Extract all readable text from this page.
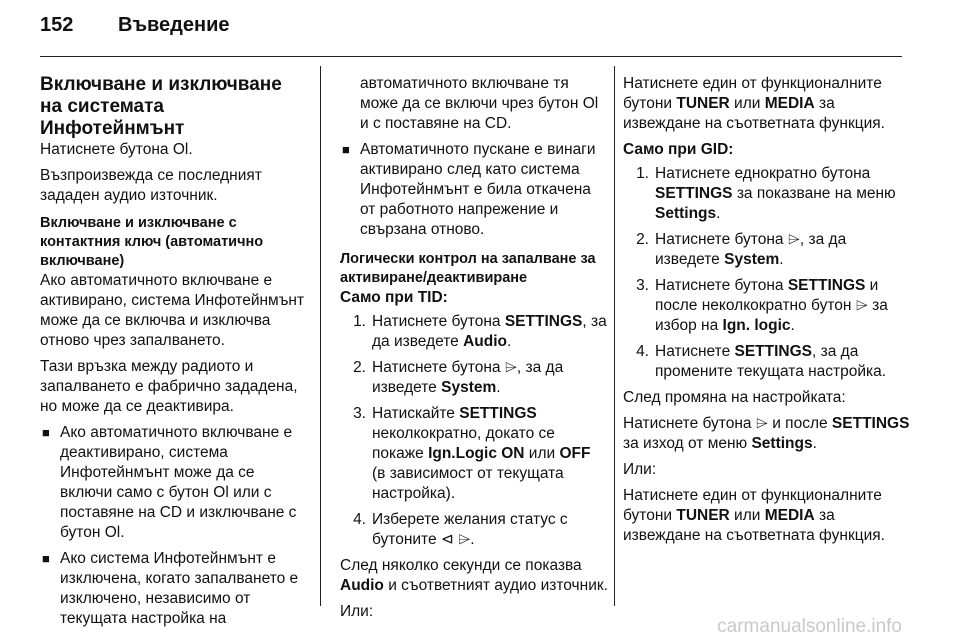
152	Въведение
Включване и изключване на системата Инфотейнмънт

Натиснете бутона Ol.

Възпроизвежда се последният зададен аудио източник.

Включване и изключване с контактния ключ (автоматично включване)

Ако автоматичното включване е активирано, система Инфотейнмънт може да се включва и изключва отново чрез запалването.

Тази връзка между радиото и запалването е фабрично зададена, но може да се деактивира.

■ Ако автоматичното включване е деактивирано, система Инфотейнмънт може да се включи само с бутон Ol или с поставяне на CD и изключване с бутон Ol.
■ Ако система Инфотейнмънт е изключена, когато запалването е изключено, независимо от текущата настройка на
автоматичното включване тя може да се включи чрез бутон Ol и с поставяне на CD.
■ Автоматичното пускане е винаги активирано след като система Инфотейнмънт е била откачена от работното напрежение и свързана отново.
Логически контрол на запалване за активиране/деактивиране
Само при TID:
1. Натиснете бутона SETTINGS, за да изведете Audio.
2. Натиснете бутона ⌲, за да изведете System.
3. Натискайте SETTINGS неколкократно, докато се покаже Ign.Logic ON или OFF (в зависимост от текущата настройка).
4. Изберете желания статус с бутоните ⊲ ⌲.

След няколко секунди се показва Audio и съответният аудио източник.

Или:

Натиснете един от функционалните бутони TUNER или MEDIA за извеждане на съответната функция.

Само при GID:
1. Натиснете еднократно бутона SETTINGS за показване на меню Settings.
2. Натиснете бутона ⌲, за да изведете System.
3. Натиснете бутона SETTINGS и после неколкократно бутон ⌲ за избор на Ign. logic.
4. Натиснете SETTINGS, за да промените текущата настройка.

След промяна на настройката:

Натиснете бутона ⌲ и после SETTINGS за изход от меню Settings.

Или:

Натиснете един от функционалните бутони TUNER или MEDIA за извеждане на съответната функция.

carmanualsonline.info
